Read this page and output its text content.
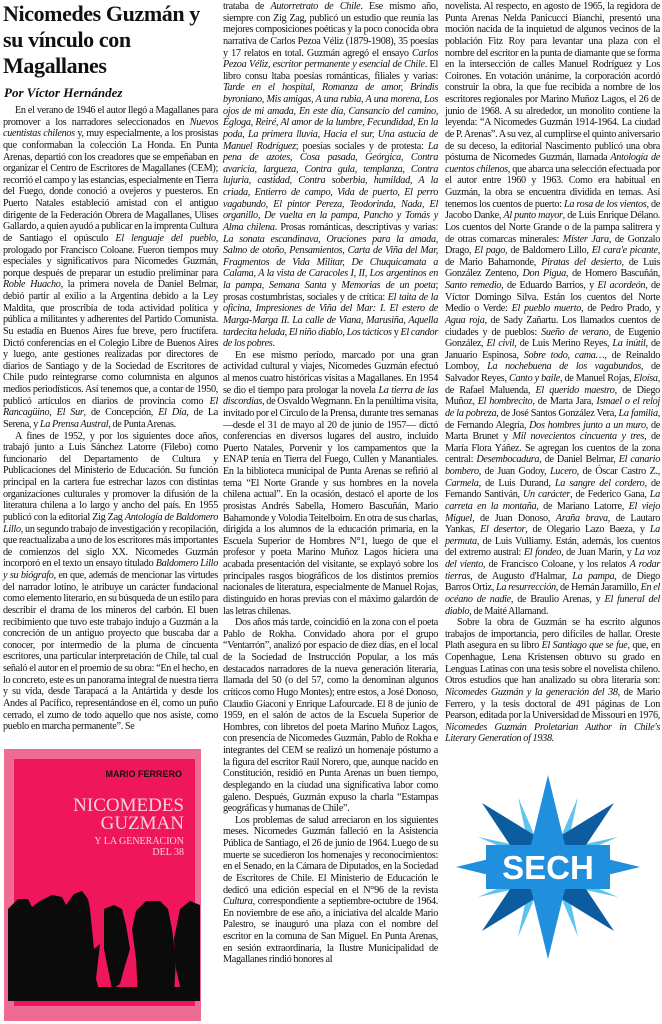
Nicomedes Guzmán y su vínculo con Magallanes
Por Víctor Hernández

En el verano de 1946 el autor llegó a Magallanes para promover a los narradores seleccionados en Nuevos cuentistas chilenos y, muy especialmente, a los prosistas que conformaban la colección La Honda. En Punta Arenas, departió con los creadores que se empeñaban en organizar el Centro de Escritores de Magallanes (CEM); recorrió el campo y las estancias, especialmente en Tierra del Fuego, donde conoció a ovejeros y puesteros. En Puerto Natales estableció amistad con el antiguo dirigente de la Federación Obrera de Magallanes, Ulises Gallardo, a quien ayudó a publicar en la imprenta Cultura de Santiago el opúsculo El lenguaje del pueblo, prologado por Francisco Coloane. Fueron tiempos muy especiales y significativos para Nicomedes Guzmán, porque después de preparar un estudio preliminar para Roble Huacho, la primera novela de Daniel Belmar, debió partir al exilio a la Argentina debido a la Ley Maldita, que proscribía de toda actividad política y pública a militantes y adherentes del Partido Comunista. Su estadía en Buenos Aires fue breve, pero fructífera. Dictó conferencias en el Colegio Libre de Buenos Aires y luego, ante gestiones realizadas por directores de diarios de Santiago y de la Sociedad de Escritores de Chile pudo reintegrarse como columnista en algunos medios periodísticos. Así tenemos que, a contar de 1950, publicó artículos en diarios de provincia como El Rancagüino, El Sur, de Concepción, El Día, de La Serena, y La Prensa Austral, de Punta Arenas.

A fines de 1952, y por los siguientes doce años, trabajó junto a Luis Sánchez Latorre (Filebo) como funcionario del Departamento de Cultura y Publicaciones del Ministerio de Educación. Su función principal en la cartera fue estrechar lazos con distintas organizaciones culturales y promover la difusión de la literatura chilena a lo largo y ancho del país. En 1955 publicó con la editorial Zig Zag Antología de Baldomero Lillo, un segundo trabajo de investigación y recopilación, que reactualizaba a uno de los escritores más importantes de comienzos del siglo XX. Nicomedes Guzmán incorporó en el texto un ensayo titulado Baldomero Lillo y su biógrafo, en que, además de mencionar las virtudes del narrador lotino, le atribuye un carácter fundacional como elemento literario, en su búsqueda de un estilo para describir el drama de los mineros del carbón. El buen recibimiento que tuvo este trabajo indujo a Guzmán a la concreción de un antiguo proyecto que buscaba dar a conocer, por intermedio de la pluma de cincuenta escritores, una particular interpretación de Chile, tal cual señaló el autor en el proemio de su obra: “En el hecho, en lo concreto, este es un panorama integral de nuestra tierra y su vida, desde Tarapacá a la Antártida y desde los Andes al Pacífico, representándose en él, como un puño cerrado, el zumo de todo aquello que nos asiste, como pueblo en marcha permanente”. Se

MARIO FERRERO
NICOMEDES
GUZMAN
Y LA GENERACION
DEL 38

trataba de Autorretrato de Chile. Ese mismo año, siempre con Zig Zag, publicó un estudio que reunía las mejores composiciones poéticas y la poco conocida obra narrativa de Carlos Pezoa Véliz (1879-1908), 35 poesías y 17 relatos en total. Guzmán agregó el ensayo Carlos Pezoa Véliz, escritor permanente y esencial de Chile. El libro consu ltaba poesías románticas, filiales y varias: Tarde en el hospital, Romanza de amor, Brindis byroniano, Mis amigas, A una rubia, A una morena, Los ojos de mi amada, En este día, Cansancio del camino, Égloga, Reiré, Al amor de la lumbre, Fecundidad, En la poda, La primera lluvia, Hacia el sur, Una astucia de Manuel Rodríguez; poesías sociales y de protesta: La pena de azotes, Cosa pasada, Geórgica, Contra avaricia, largueza, Contra gula, templanza, Contra lujuria, castidad, Contra soberbia, humildad, A la criada, Entierro de campo, Vida de puerto, El perro vagabundo, El pintor Pereza, Teodorinda, Nada, El organillo, De vuelta en la pampa, Pancho y Tomás y Alma chilena. Prosas románticas, descriptivas y varias: La sonata escandinava, Oraciones para la amada, Salmo de otoño, Pensamientos, Carta de Viña del Mar, Fragmentos de Vida Militar, De Chuquicamata a Calama, A la vista de Caracoles I, II, Los argentinos en la pampa, Semana Santa y Memorias de un poeta; prosas costumbristas, sociales y de crítica: El taita de la oficina, Impresiones de Viña del Mar: I. El estero de Marga-Marga II. La calle de Viana, Marusiña, Aquella tardecita helada, El niño diablo, Los tácticos y El candor de los pobres.

En ese mismo período, marcado por una gran actividad cultural y viajes, Nicomedes Guzmán efectuó al menos cuatro históricas visitas a Magallanes. En 1954 se dio el tiempo para prologar la novela La tierra de las discordias, de Osvaldo Wegmann. En la penúltima visita, invitado por el Círculo de la Prensa, durante tres semanas —desde el 31 de mayo al 20 de junio de 1957— dictó conferencias en diversos lugares del austro, incluido Puerto Natales, Porvenir y los campamentos que la ENAP tenía en Tierra del Fuego, Cullen y Manantiales. En la biblioteca municipal de Punta Arenas se refirió al tema “El Norte Grande y sus hombres en la novela chilena actual”. En la ocasión, destacó el aporte de los prosistas Andrés Sabella, Homero Bascuñán, Mario Bahamonde y Volodia Teitelboim. En otra de sus charlas, dirigida a los alumnos de la educación primaria, en la Escuela Superior de Hombres N°1, luego de que el profesor y poeta Marino Muñoz Lagos hiciera una acabada presentación del visitante, se explayó sobre los principales rasgos biográficos de los distintos premios nacionales de literatura, especialmente de Manuel Rojas, distinguido en horas previas con el máximo galardón de las letras chilenas.

Dos años más tarde, coincidió en la zona con el poeta Pablo de Rokha. Convidado ahora por el grupo “Ventarrón”, analizó por espacio de diez días, en el local de la Sociedad de Instrucción Popular, a los más destacados narradores de la nueva generación literaria, llamada del 50 (o del 57, como la denominan algunos críticos como Hugo Montes); entre estos, a José Donoso, Claudio Giaconi y Enrique Lafourcade. El 8 de junio de 1959, en el salón de actos de la Escuela Superior de Hombres, con libretos del poeta Marino Muñoz Lagos, con presencia de Nicomedes Guzmán, Pablo de Rokha e integrantes del CEM se realizó un homenaje póstumo a la figura del escritor Raúl Norero, que, aunque nacido en Constitución, residió en Punta Arenas un buen tiempo, desplegando en la ciudad una significativa labor como galeno. Después, Guzmán expuso la charla “Estampas geográficas y humanas de Chile”.

Los problemas de salud arreciaron en los siguientes meses. Nicomedes Guzmán falleció en la Asistencia Pública de Santiago, el 26 de junio de 1964. Luego de su muerte se sucedieron los homenajes y reconocimientos: en el Senado, en la Cámara de Diputados, en la Sociedad de Escritores de Chile. El Ministerio de Educación le dedicó una edición especial en el N°96 de la revista Cultura, correspondiente a septiembre-octubre de 1964. En noviembre de ese año, a iniciativa del alcalde Mario Palestro, se inauguró una plaza con el nombre del escritor en la comuna de San Miguel. En Punta Arenas, en sesión extraordinaria, la Ilustre Municipalidad de Magallanes rindió honores al

novelista. Al respecto, en agosto de 1965, la regidora de Punta Arenas Nelda Panicucci Bianchi, presentó una moción nacida de la inquietud de algunos vecinos de la población Fitz Roy para levantar una plaza con el nombre del escritor en la punta de diamante que se forma en la intersección de calles Manuel Rodríguez y Los Coirones. En votación unánime, la corporación acordó construir la obra, la que fue recibida a nombre de los escritores regionales por Marino Muñoz Lagos, el 26 de junio de 1968. A su alrededor, un monolito contiene la leyenda: “A Nicomedes Guzmán 1914-1964. La ciudad de P. Arenas”. A su vez, al cumplirse el quinto aniversario de su deceso, la editorial Nascimento publicó una obra póstuma de Nicomedes Guzmán, llamada Antología de cuentos chilenos, que abarca una selección efectuada por el autor entre 1960 y 1963. Como era habitual en Guzmán, la obra se encuentra dividida en temas. Así tenemos los cuentos de puerto: La rosa de los vientos, de Jacobo Danke, Al punto mayor, de Luis Enrique Délano. Los cuentos del Norte Grande o de la pampa salitrera y de otras comarcas minerales: Míster Jara, de Gonzalo Drago, El pago, de Baldomero Lillo, El cara'e picante, de Mario Bahamonde, Piratas del desierto, de Luis González Zenteno, Don Pigua, de Homero Bascuñán, Santo remedio, de Eduardo Barrios, y El acordeón, de Víctor Domingo Silva. Están los cuentos del Norte Medio o Verde: El pueblo muerto, de Pedro Prado, y Agua roja, de Sady Zañartu. Los llamados cuentos de ciudades y de pueblos: Sueño de verano, de Eugenio González, El civil, de Luis Merino Reyes, La inútil, de Januario Espinosa, Sobre todo, cama…, de Reinaldo Lomboy, La nochebuena de los vagabundos, de Salvador Reyes, Canto y baile, de Manuel Rojas, Eloísa, de Rafael Maluenda, El querido maestro, de Diego Muñoz, El hombrecito, de Marta Jara, Ismael o el reloj de la pobreza, de José Santos González Vera, La familia, de Fernando Alegría, Dos hombres junto a un muro, de Marta Brunet y Mil novecientos cincuenta y tres, de María Flora Yáñez. Se agregan los cuentos de la zona central: Desembocadura, de Daniel Belmar, El canario bombero, de Juan Godoy, Lucero, de Óscar Castro Z., Carmela, de Luis Durand, La sangre del cordero, de Fernando Santiván, Un carácter, de Federico Gana, La carreta en la montaña, de Mariano Latorre, El viejo Miguel, de Juan Donoso, Araña brava, de Lautaro Yankas, El desertor, de Olegario Lazo Baeza, y La permuta, de Luis Vulliamy. Están, además, los cuentos del extremo austral: El fondeo, de Juan Marín, y La voz del viento, de Francisco Coloane, y los relatos A rodar tierras, de Augusto d'Halmar, La pampa, de Diego Barros Ortiz, La resurrección, de Hernán Jaramillo, En el océano de nadie, de Braulio Arenas, y El funeral del diablo, de Maité Allamand.

Sobre la obra de Guzmán se ha escrito algunos trabajos de importancia, pero difíciles de hallar. Oreste Plath asegura en su libro El Santiago que se fue, que, en Copenhague, Lena Kristensen obtuvo su grado en Lenguas Latinas con una tesis sobre el novelista chileno. Otros estudios que han analizado su obra literaria son: Nicomedes Guzmán y la generación del 38, de Mario Ferrero, y la tesis doctoral de 491 páginas de Lon Pearson, editada por la Universidad de Missouri en 1976, Nicomedes Guzmán Proletarian Author in Chile's Literary Generation of 1938.

SECH
